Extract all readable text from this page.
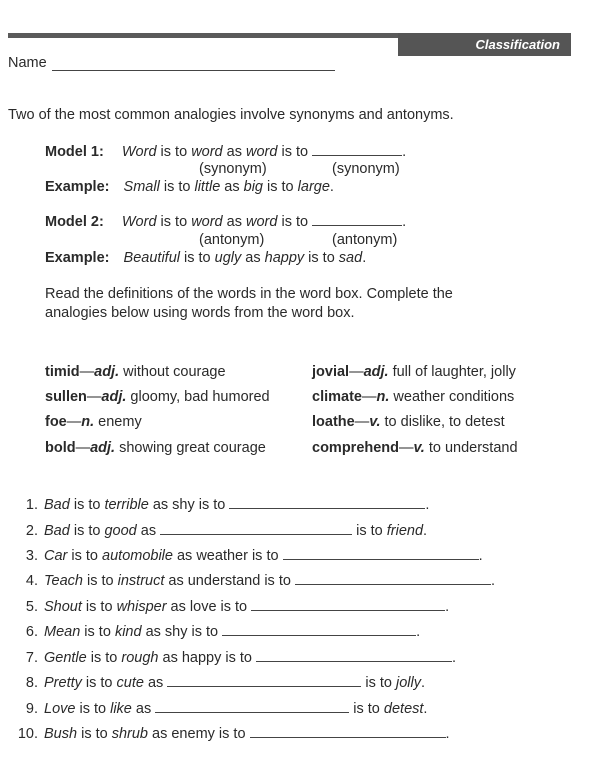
Classification
Name
Two of the most common analogies involve synonyms and antonyms.
Model 1: Word is to word as word is to	.
(synonym)	(synonym)
Example: Small is to little as big is to large.
Model 2: Word is to word as word is to	.
(antonym)	(antonym)
Example: Beautiful is to ugly as happy is to sad.
Read the definitions of the words in the word box. Complete the analogies below using words from the word box.
timid—adj. without courage
sullen—adj. gloomy, bad humored
foe—n. enemy
bold—adj. showing great courage
jovial—adj. full of laughter, jolly
climate—n. weather conditions
loathe—v. to dislike, to detest
comprehend—v. to understand
1. Bad is to terrible as shy is to	.
2. Bad is to good as	is to friend.
3. Car is to automobile as weather is to	.
4. Teach is to instruct as understand is to	.
5. Shout is to whisper as love is to	.
6. Mean is to kind as shy is to	.
7. Gentle is to rough as happy is to	.
8. Pretty is to cute as	is to jolly.
9. Love is to like as	is to detest.
10. Bush is to shrub as enemy is to	.
